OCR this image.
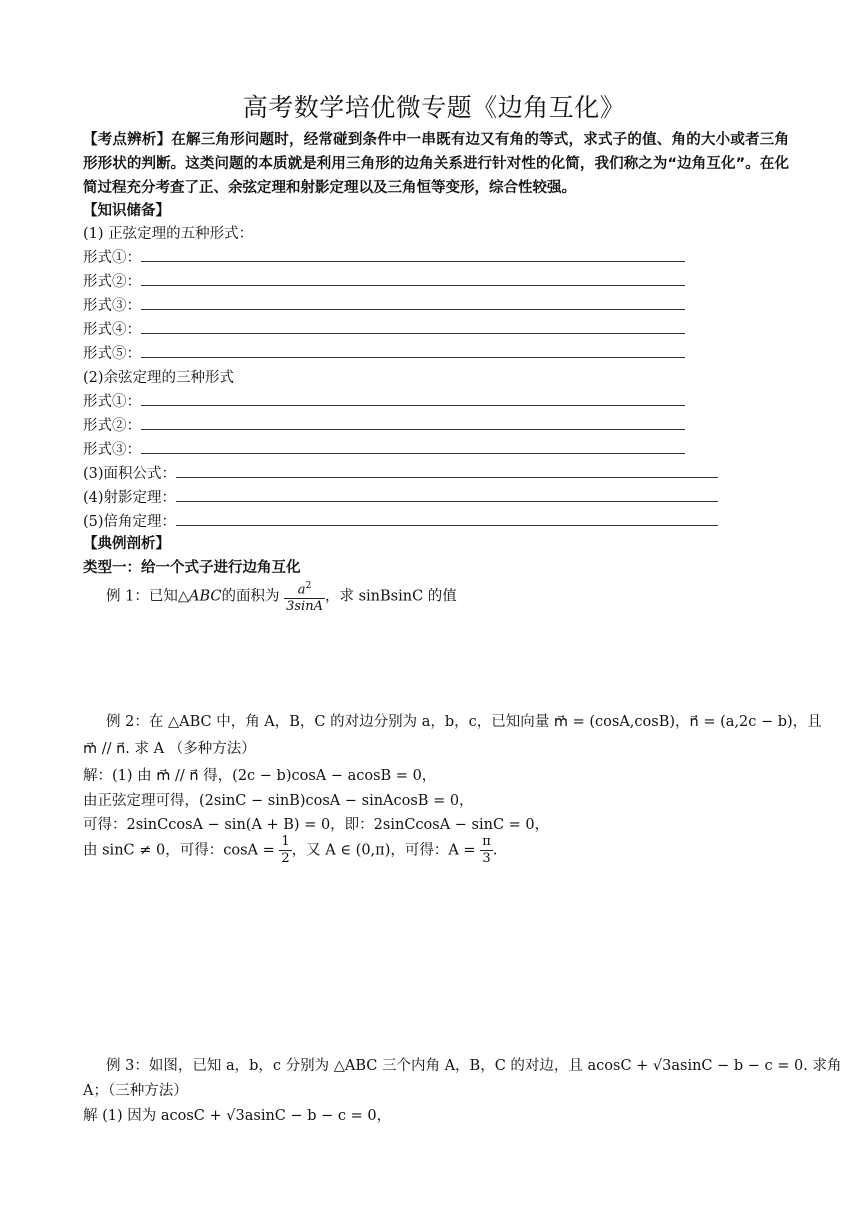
高考数学培优微专题《边角互化》
【考点辨析】在解三角形问题时，经常碰到条件中一串既有边又有角的等式，求式子的值、角的大小或者三角形形状的判断。这类问题的本质就是利用三角形的边角关系进行针对性的化简，我们称之为“边角互化”。在化简过程充分考查了正、余弦定理和射影定理以及三角恒等变形，综合性较强。
【知识储备】
(1) 正弦定理的五种形式：
形式①：
形式②：
形式③：
形式④：
形式⑤：
(2)余弦定理的三种形式
形式①：
形式②：
形式③：
(3)面积公式：
(4)射影定理：
(5)倍角定理：
【典例剖析】
类型一：给一个式子进行边角互化
例 1：已知△ABC的面积为 $\frac{a^2}{3\sin A}$ ，求 sinBsinC 的值
例 2：在 △ABC 中，角 A，B，C 的对边分别为 a，b，c，已知向量 m⃗ = (cosA,cosB)，n⃗ = (a,2c − b)，且
m⃗ // n⃗. 求 A （多种方法）
解：(1) 由 m⃗ // n⃗ 得，(2c − b)cosA − acosB = 0，
由正弦定理可得，(2sinC − sinB)cosA − sinAcosB = 0，
可得：2sinCcosA − sin(A + B) = 0，即：2sinCcosA − sinC = 0，
由 sinC ≠ 0，可得：$\cos A = \frac{1}{2}$ ，又 A ∈ (0,π)，可得：$A = \frac{\pi}{3}$ .
例 3：如图，已知 a，b，c 分别为 △ABC 三个内角 A，B，C 的对边，且 acosC + √3asinC − b − c = 0. 求角
A；（三种方法）
解 (1) 因为 acosC + √3asinC − b − c = 0，
